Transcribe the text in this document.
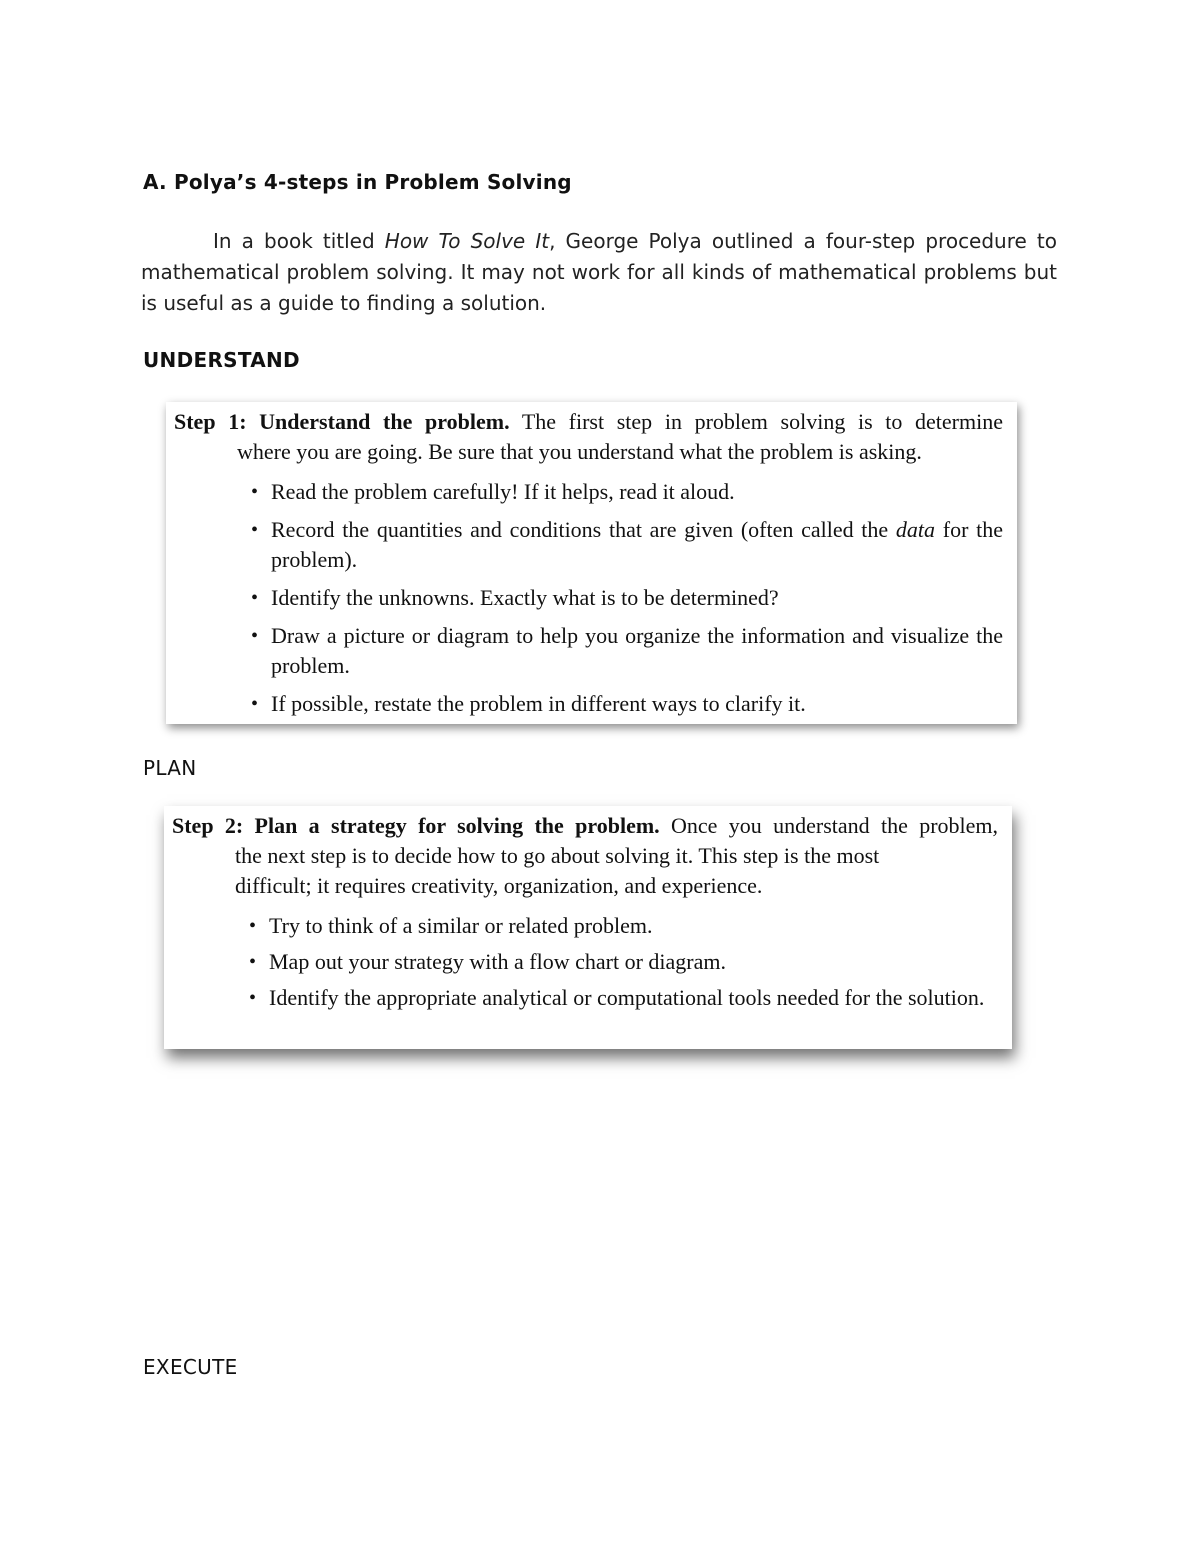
A. Polya’s 4-steps in Problem Solving
In a book titled How To Solve It, George Polya outlined a four-step procedure to mathematical problem solving. It may not work for all kinds of mathematical problems but is useful as a guide to finding a solution.
UNDERSTAND
Step 1: Understand the problem. The first step in problem solving is to determine
where you are going. Be sure that you understand what the problem is asking.
• Read the problem carefully! If it helps, read it aloud.
• Record the quantities and conditions that are given (often called the data for the problem).
• Identify the unknowns. Exactly what is to be determined?
• Draw a picture or diagram to help you organize the information and visualize the problem.
• If possible, restate the problem in different ways to clarify it.
PLAN
Step 2: Plan a strategy for solving the problem. Once you understand the problem,
the next step is to decide how to go about solving it. This step is the most
difficult; it requires creativity, organization, and experience.
• Try to think of a similar or related problem.
• Map out your strategy with a flow chart or diagram.
• Identify the appropriate analytical or computational tools needed for the solution.
EXECUTE
